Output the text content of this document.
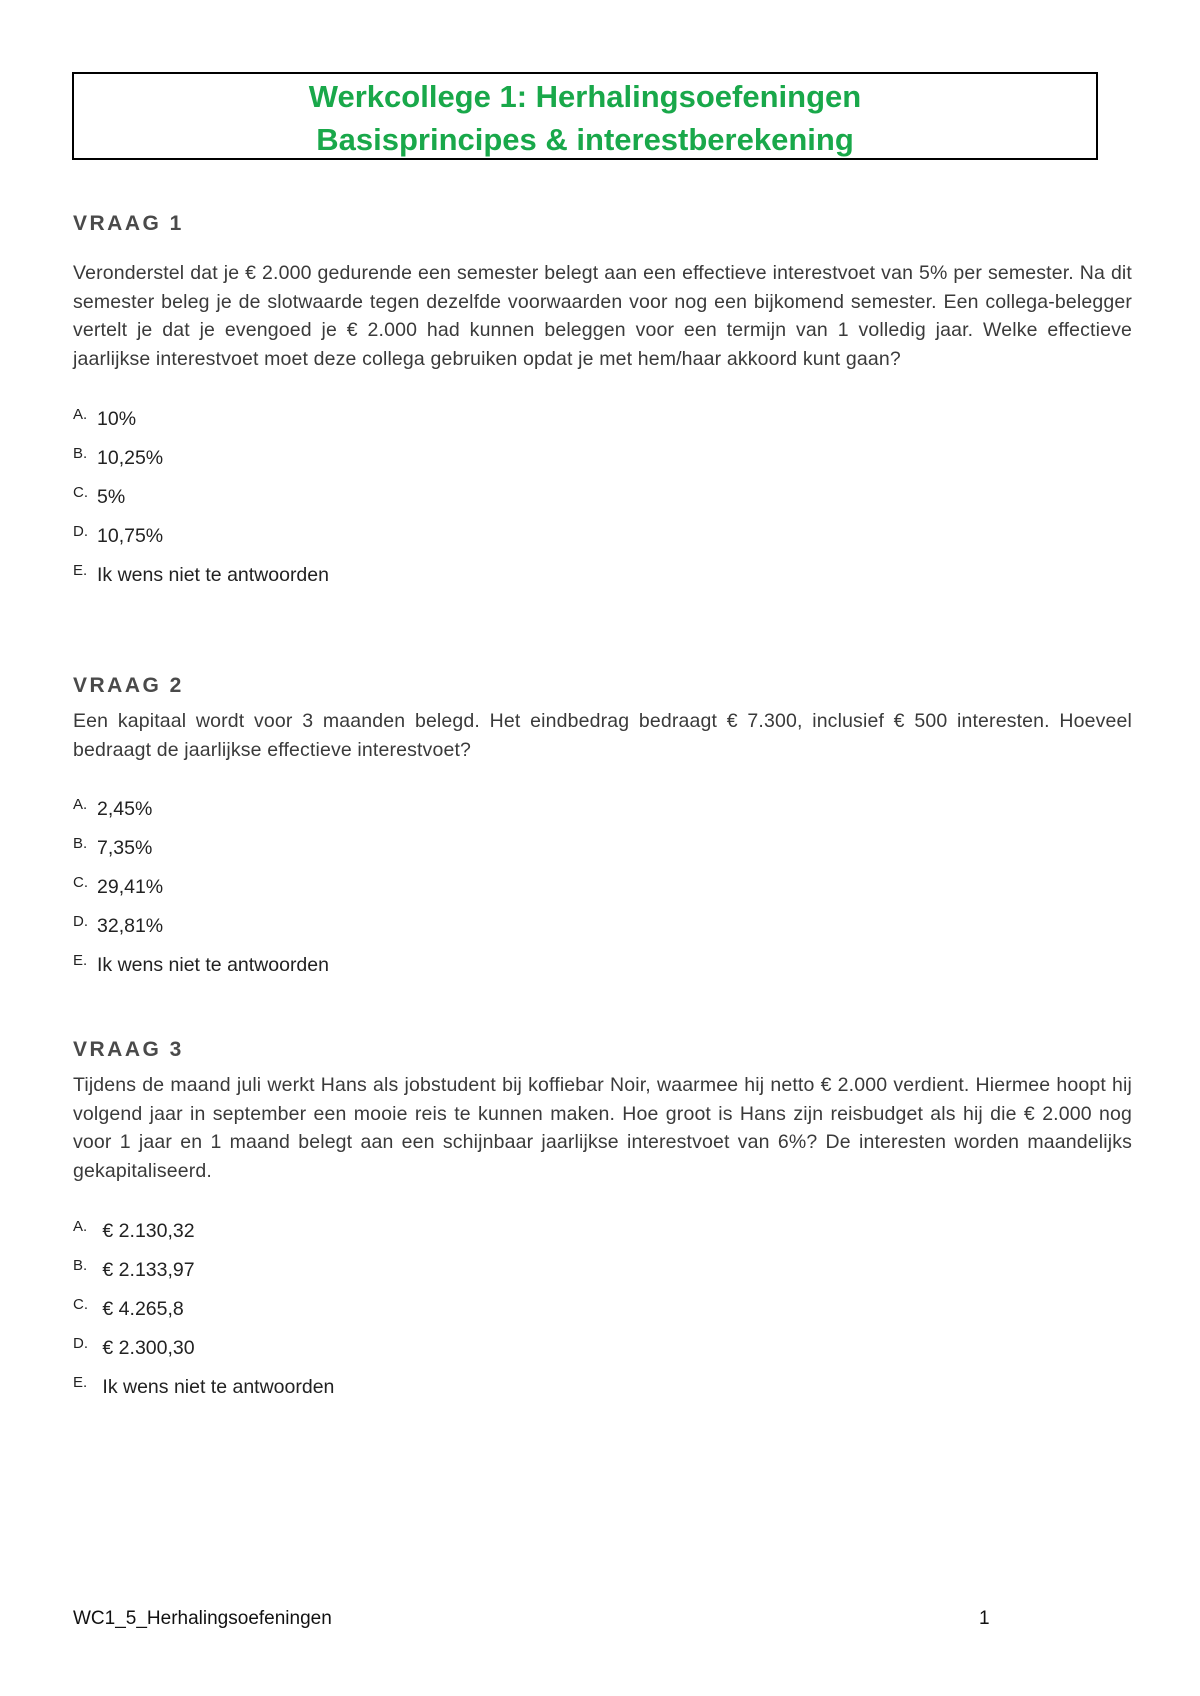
Werkcollege 1: Herhalingsoefeningen
Basisprincipes & interestberekening
VRAAG 1

Veronderstel dat je € 2.000 gedurende een semester belegt aan een effectieve interestvoet van 5% per semester. Na dit semester beleg je de slotwaarde tegen dezelfde voorwaarden voor nog een bijkomend semester. Een collega-belegger vertelt je dat je evengoed je € 2.000 had kunnen beleggen voor een termijn van 1 volledig jaar. Welke effectieve jaarlijkse interestvoet moet deze collega gebruiken opdat je met hem/haar akkoord kunt gaan?

A. 10%
B. 10,25%
C. 5%
D. 10,75%
E. Ik wens niet te antwoorden
VRAAG 2

Een kapitaal wordt voor 3 maanden belegd. Het eindbedrag bedraagt € 7.300, inclusief € 500 interesten. Hoeveel bedraagt de jaarlijkse effectieve interestvoet?

A. 2,45%
B. 7,35%
C. 29,41%
D. 32,81%
E. Ik wens niet te antwoorden
VRAAG 3

Tijdens de maand juli werkt Hans als jobstudent bij koffiebar Noir, waarmee hij netto € 2.000 verdient. Hiermee hoopt hij volgend jaar in september een mooie reis te kunnen maken. Hoe groot is Hans zijn reisbudget als hij die € 2.000 nog voor 1 jaar en 1 maand belegt aan een schijnbaar jaarlijkse interestvoet van 6%? De interesten worden maandelijks gekapitaliseerd.

A. € 2.130,32
B. € 2.133,97
C. € 4.265,8
D. € 2.300,30
E. Ik wens niet te antwoorden
WC1_5_Herhalingsoefeningen	1
